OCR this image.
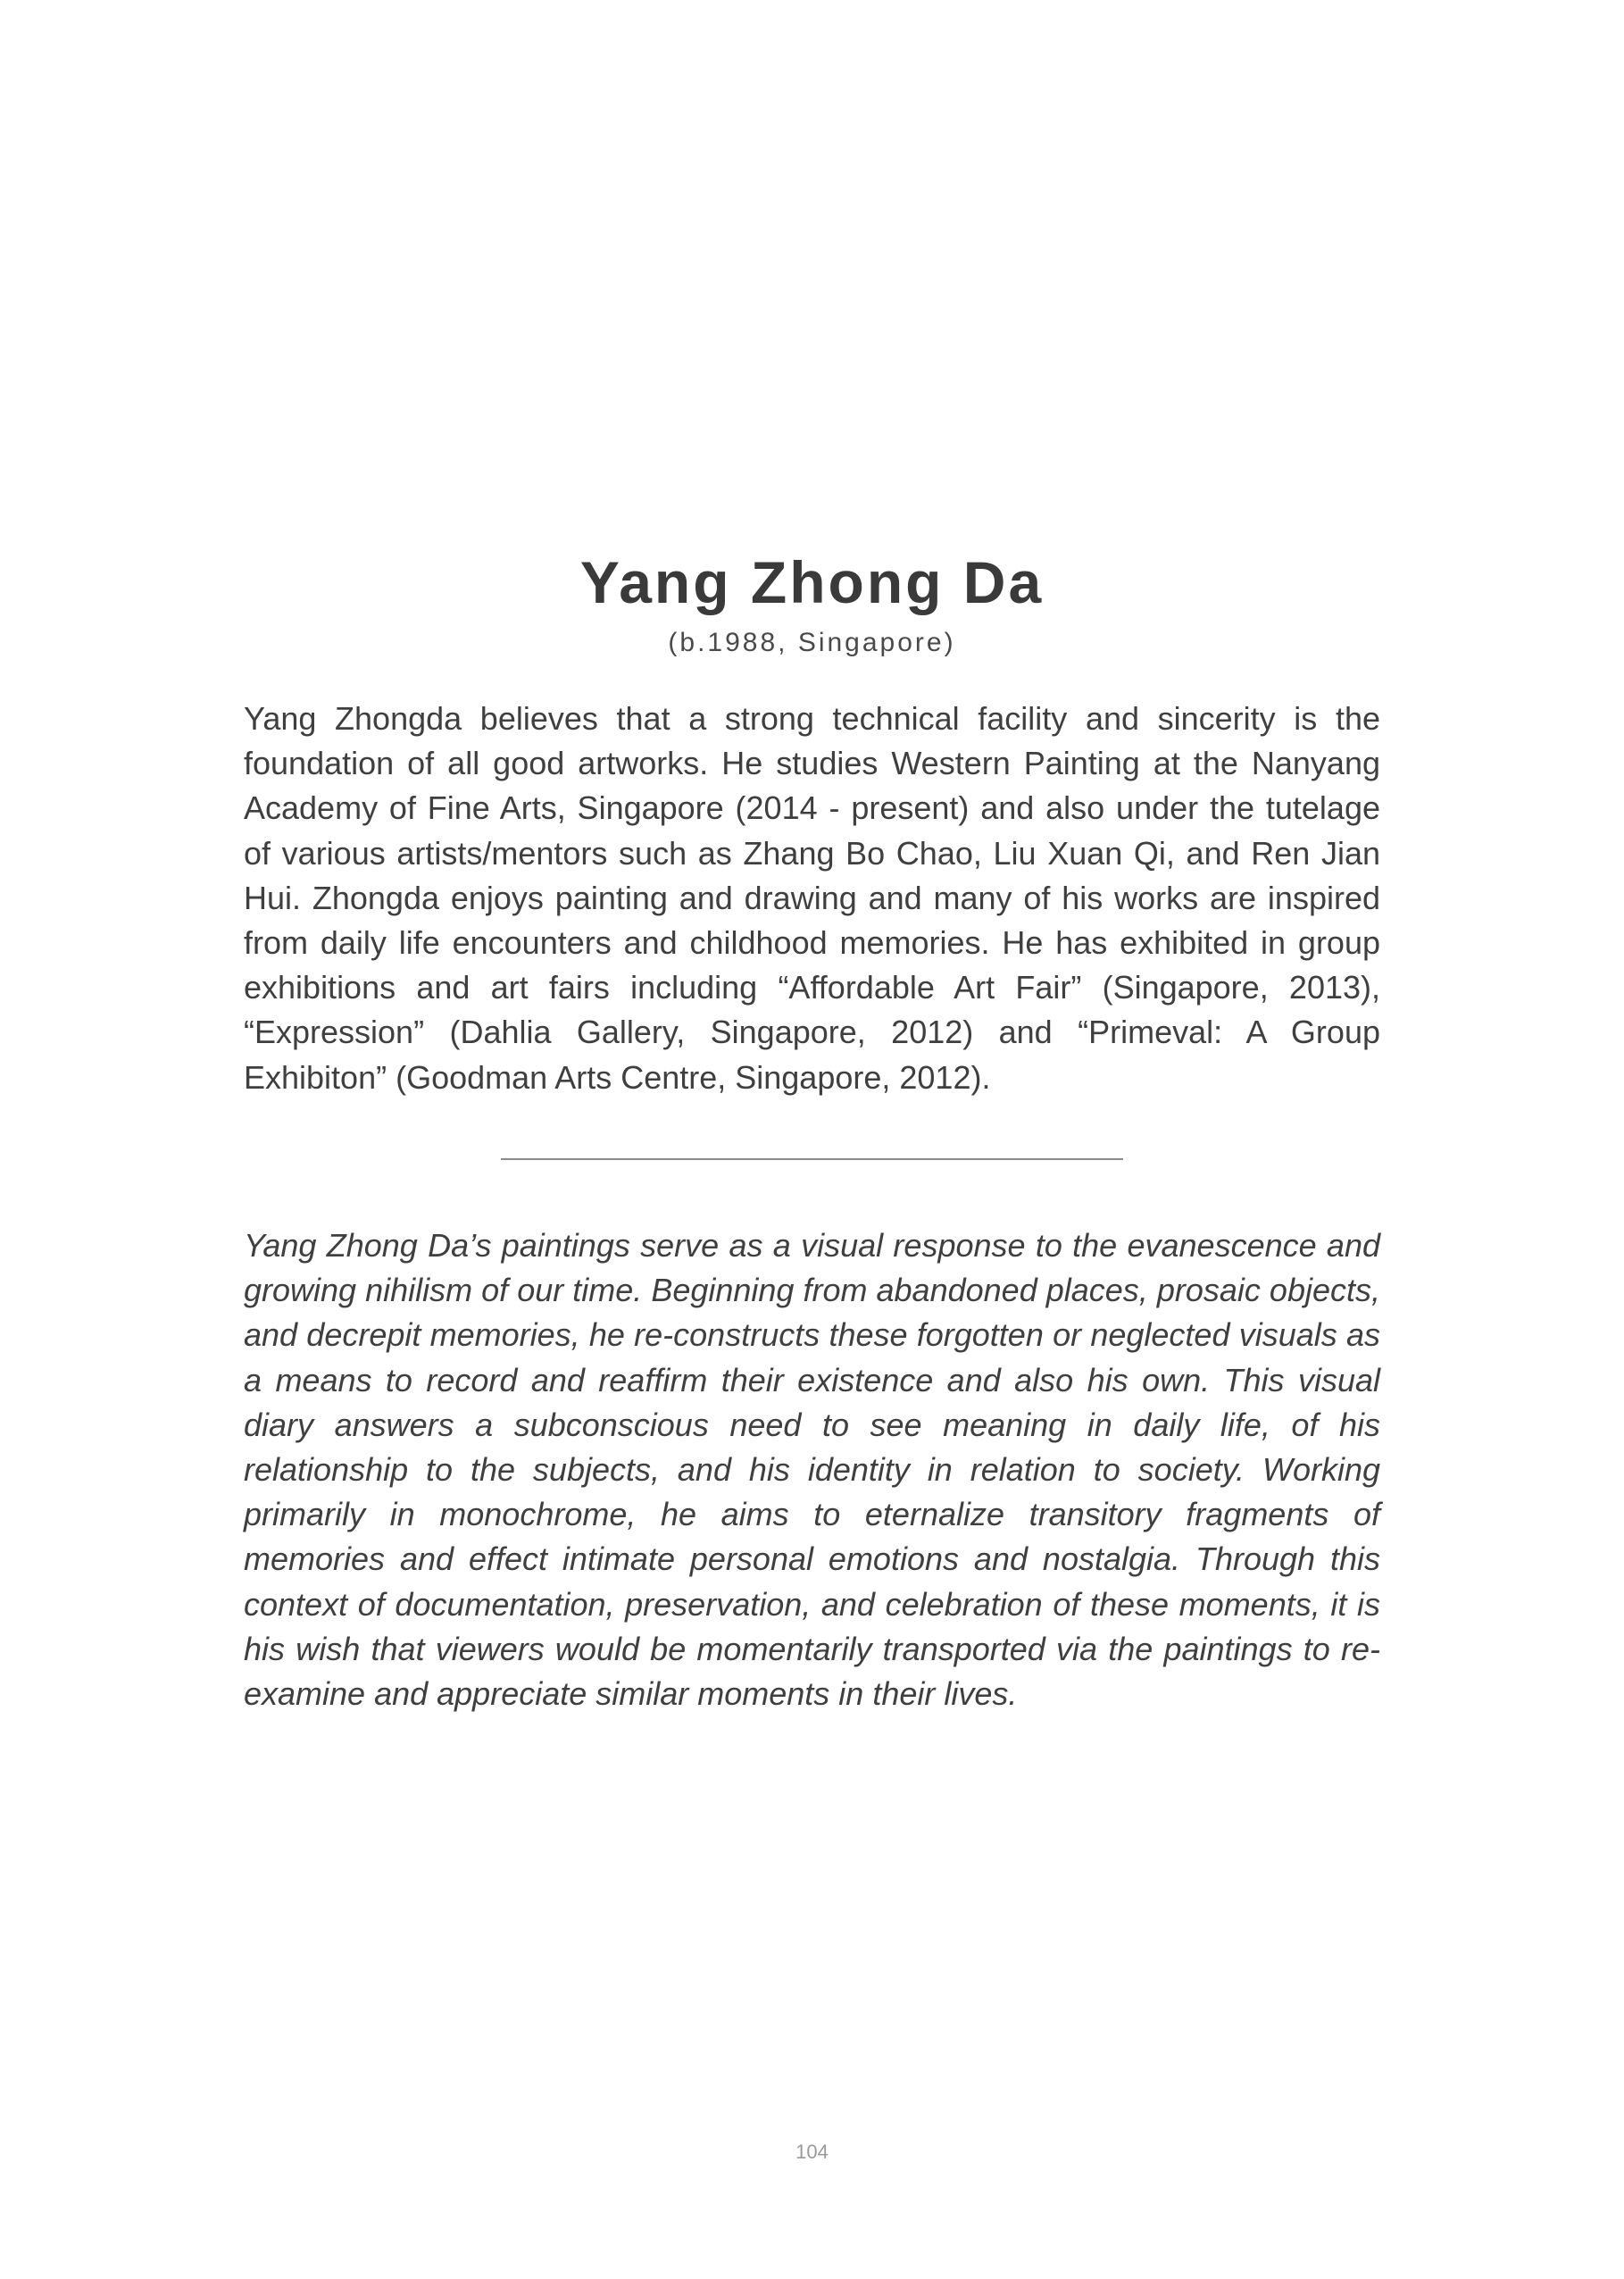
Yang Zhong Da
(b.1988, Singapore)

Yang Zhongda believes that a strong technical facility and sincerity is the foundation of all good artworks. He studies Western Painting at the Nanyang Academy of Fine Arts, Singapore (2014 - present) and also under the tutelage of various artists/mentors such as Zhang Bo Chao, Liu Xuan Qi, and Ren Jian Hui. Zhongda enjoys painting and drawing and many of his works are inspired from daily life encounters and childhood memories. He has exhibited in group exhibitions and art fairs including “Affordable Art Fair” (Singapore, 2013), “Expression” (Dahlia Gallery, Singapore, 2012) and “Primeval: A Group Exhibiton” (Goodman Arts Centre, Singapore, 2012).

Yang Zhong Da’s paintings serve as a visual response to the evanescence and growing nihilism of our time. Beginning from abandoned places, prosaic objects, and decrepit memories, he re-constructs these forgotten or neglected visuals as a means to record and reaffirm their existence and also his own. This visual diary answers a subconscious need to see meaning in daily life, of his relationship to the subjects, and his identity in relation to society. Working primarily in monochrome, he aims to eternalize transitory fragments of memories and effect intimate personal emotions and nostalgia. Through this context of documentation, preservation, and celebration of these moments, it is his wish that viewers would be momentarily transported via the paintings to re-examine and appreciate similar moments in their lives.

104
